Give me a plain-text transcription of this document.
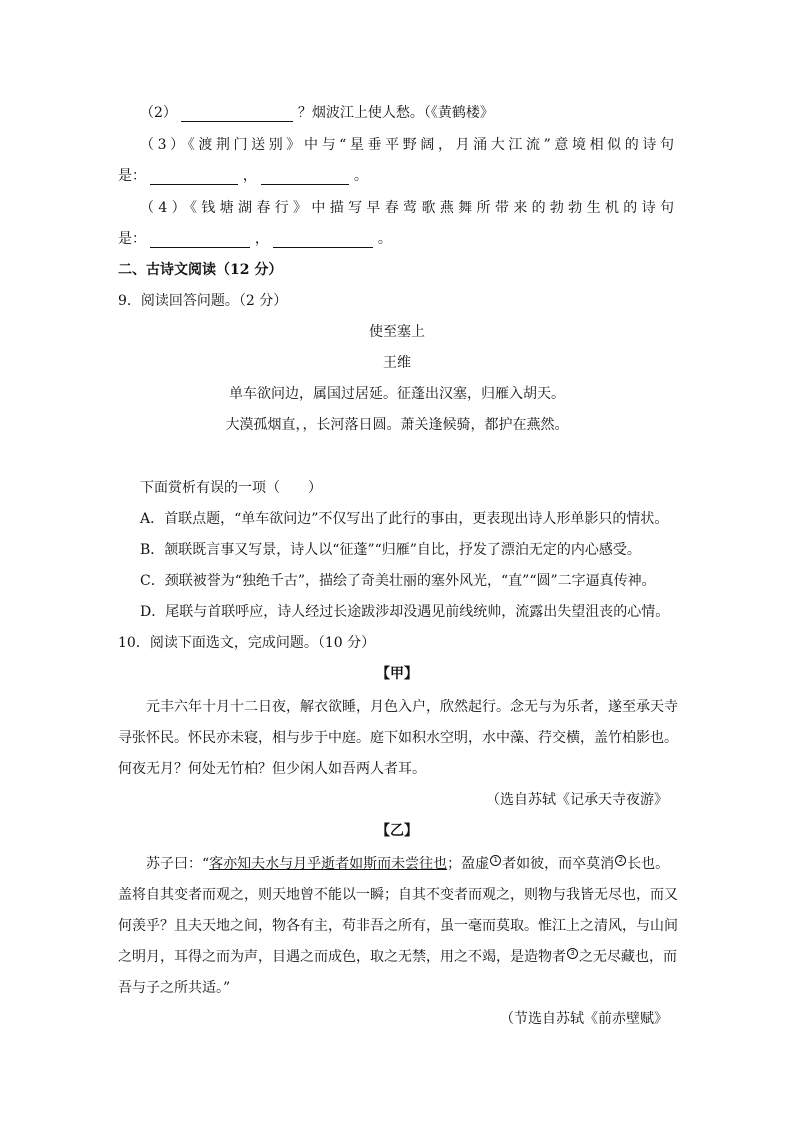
（2）	？烟波江上使人愁。（《黄鹤楼》
（3）《渡荆门送别》中与“星垂平野阔，月涌大江流”意境相似的诗句
是：	，	。
（4）《钱塘湖春行》中描写早春莺歌燕舞所带来的勃勃生机的诗句
是：	，	。
二、古诗文阅读（12 分）
9．阅读回答问题。（2 分）
使至塞上
王维
单车欲问边，属国过居延。征蓬出汉塞，归雁入胡天。
大漠孤烟直，，长河落日圆。萧关逢候骑，都护在燕然。
下面赏析有误的一项（　　）
A．首联点题，“单车欲问边”不仅写出了此行的事由，更表现出诗人形单影只的情状。
B．颔联既言事又写景，诗人以“征蓬”“归雁”自比，抒发了漂泊无定的内心感受。
C．颈联被誉为“独绝千古”，描绘了奇美壮丽的塞外风光，“直”“圆”二字逼真传神。
D．尾联与首联呼应，诗人经过长途跋涉却没遇见前线统帅，流露出失望沮丧的心情。
10．阅读下面选文，完成问题。（10 分）
【甲】
元丰六年十月十二日夜，解衣欲睡，月色入户，欣然起行。念无与为乐者，遂至承天寺
寻张怀民。怀民亦未寝，相与步于中庭。庭下如积水空明，水中藻、荇交横，盖竹柏影也。
何夜无月？何处无竹柏？但少闲人如吾两人者耳。
（选自苏轼《记承天寺夜游》
【乙】
苏子曰：“客亦知夫水与月乎逝者如斯而未尝往也；盈虚 1 者如彼，而卒莫消 2 长也。
盖将自其变者而观之，则天地曾不能以一瞬；自其不变者而观之，则物与我皆无尽也，而又
何羡乎？且夫天地之间，物各有主，苟非吾之所有，虽一毫而莫取。惟江上之清风，与山间
之明月，耳得之而为声，目遇之而成色，取之无禁，用之不竭，是造物者 3 之无尽藏也，而
吾与子之所共适。”
（节选自苏轼《前赤壁赋》
